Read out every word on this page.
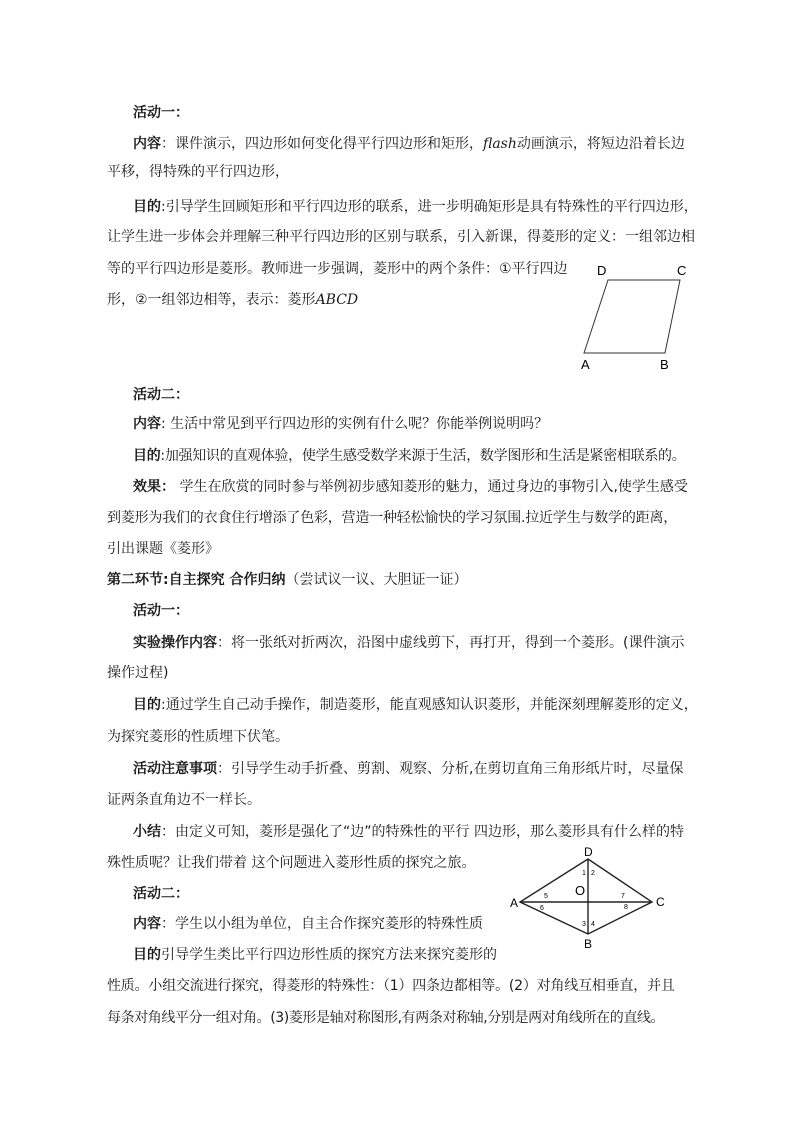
活动一：
内容：课件演示，四边形如何变化得平行四边形和矩形，flash动画演示，将短边沿着长边
平移，得特殊的平行四边形，
目的:引导学生回顾矩形和平行四边形的联系，进一步明确矩形是具有特殊性的平行四边形，
让学生进一步体会并理解三种平行四边形的区别与联系，引入新课，得菱形的定义：一组邻边相
等的平行四边形是菱形。教师进一步强调，菱形中的两个条件：①平行四边
形，②一组邻边相等，表示：菱形ABCD
D	C
A	B
活动二：
内容: 生活中常见到平行四边形的实例有什么呢？你能举例说明吗？
目的:加强知识的直观体验，使学生感受数学来源于生活，数学图形和生活是紧密相联系的。
效果： 学生在欣赏的同时参与举例初步感知菱形的魅力，通过身边的事物引入,使学生感受
到菱形为我们的衣食住行增添了色彩，营造一种轻松愉快的学习氛围.拉近学生与数学的距离，
引出课题《菱形》
第二环节:自主探究 合作归纳（尝试议一议、大胆证一证）
活动一：
实验操作内容：将一张纸对折两次，沿图中虚线剪下，再打开，得到一个菱形。(课件演示
操作过程)
目的:通过学生自己动手操作，制造菱形，能直观感知认识菱形，并能深刻理解菱形的定义，
为探究菱形的性质埋下伏笔。
活动注意事项：引导学生动手折叠、剪割、观察、分析,在剪切直角三角形纸片时，尽量保
证两条直角边不一样长。
小结：由定义可知，菱形是强化了“边”的特殊性的平行 四边形，那么菱形具有什么样的特
殊性质呢？让我们带着 这个问题进入菱形性质的探究之旅。
活动二：
内容：学生以小组为单位，自主合作探究菱形的特殊性质
目的引导学生类比平行四边形性质的探究方法来探究菱形的
性质。小组交流进行探究，得菱形的特殊性：（1）四条边都相等。(2）对角线互相垂直，并且
每条对角线平分一组对角。(3)菱形是轴对称图形,有两条对称轴,分别是两对角线所在的直线。
D
C
A
B
O
1 2
3 4
5
6
7
8
